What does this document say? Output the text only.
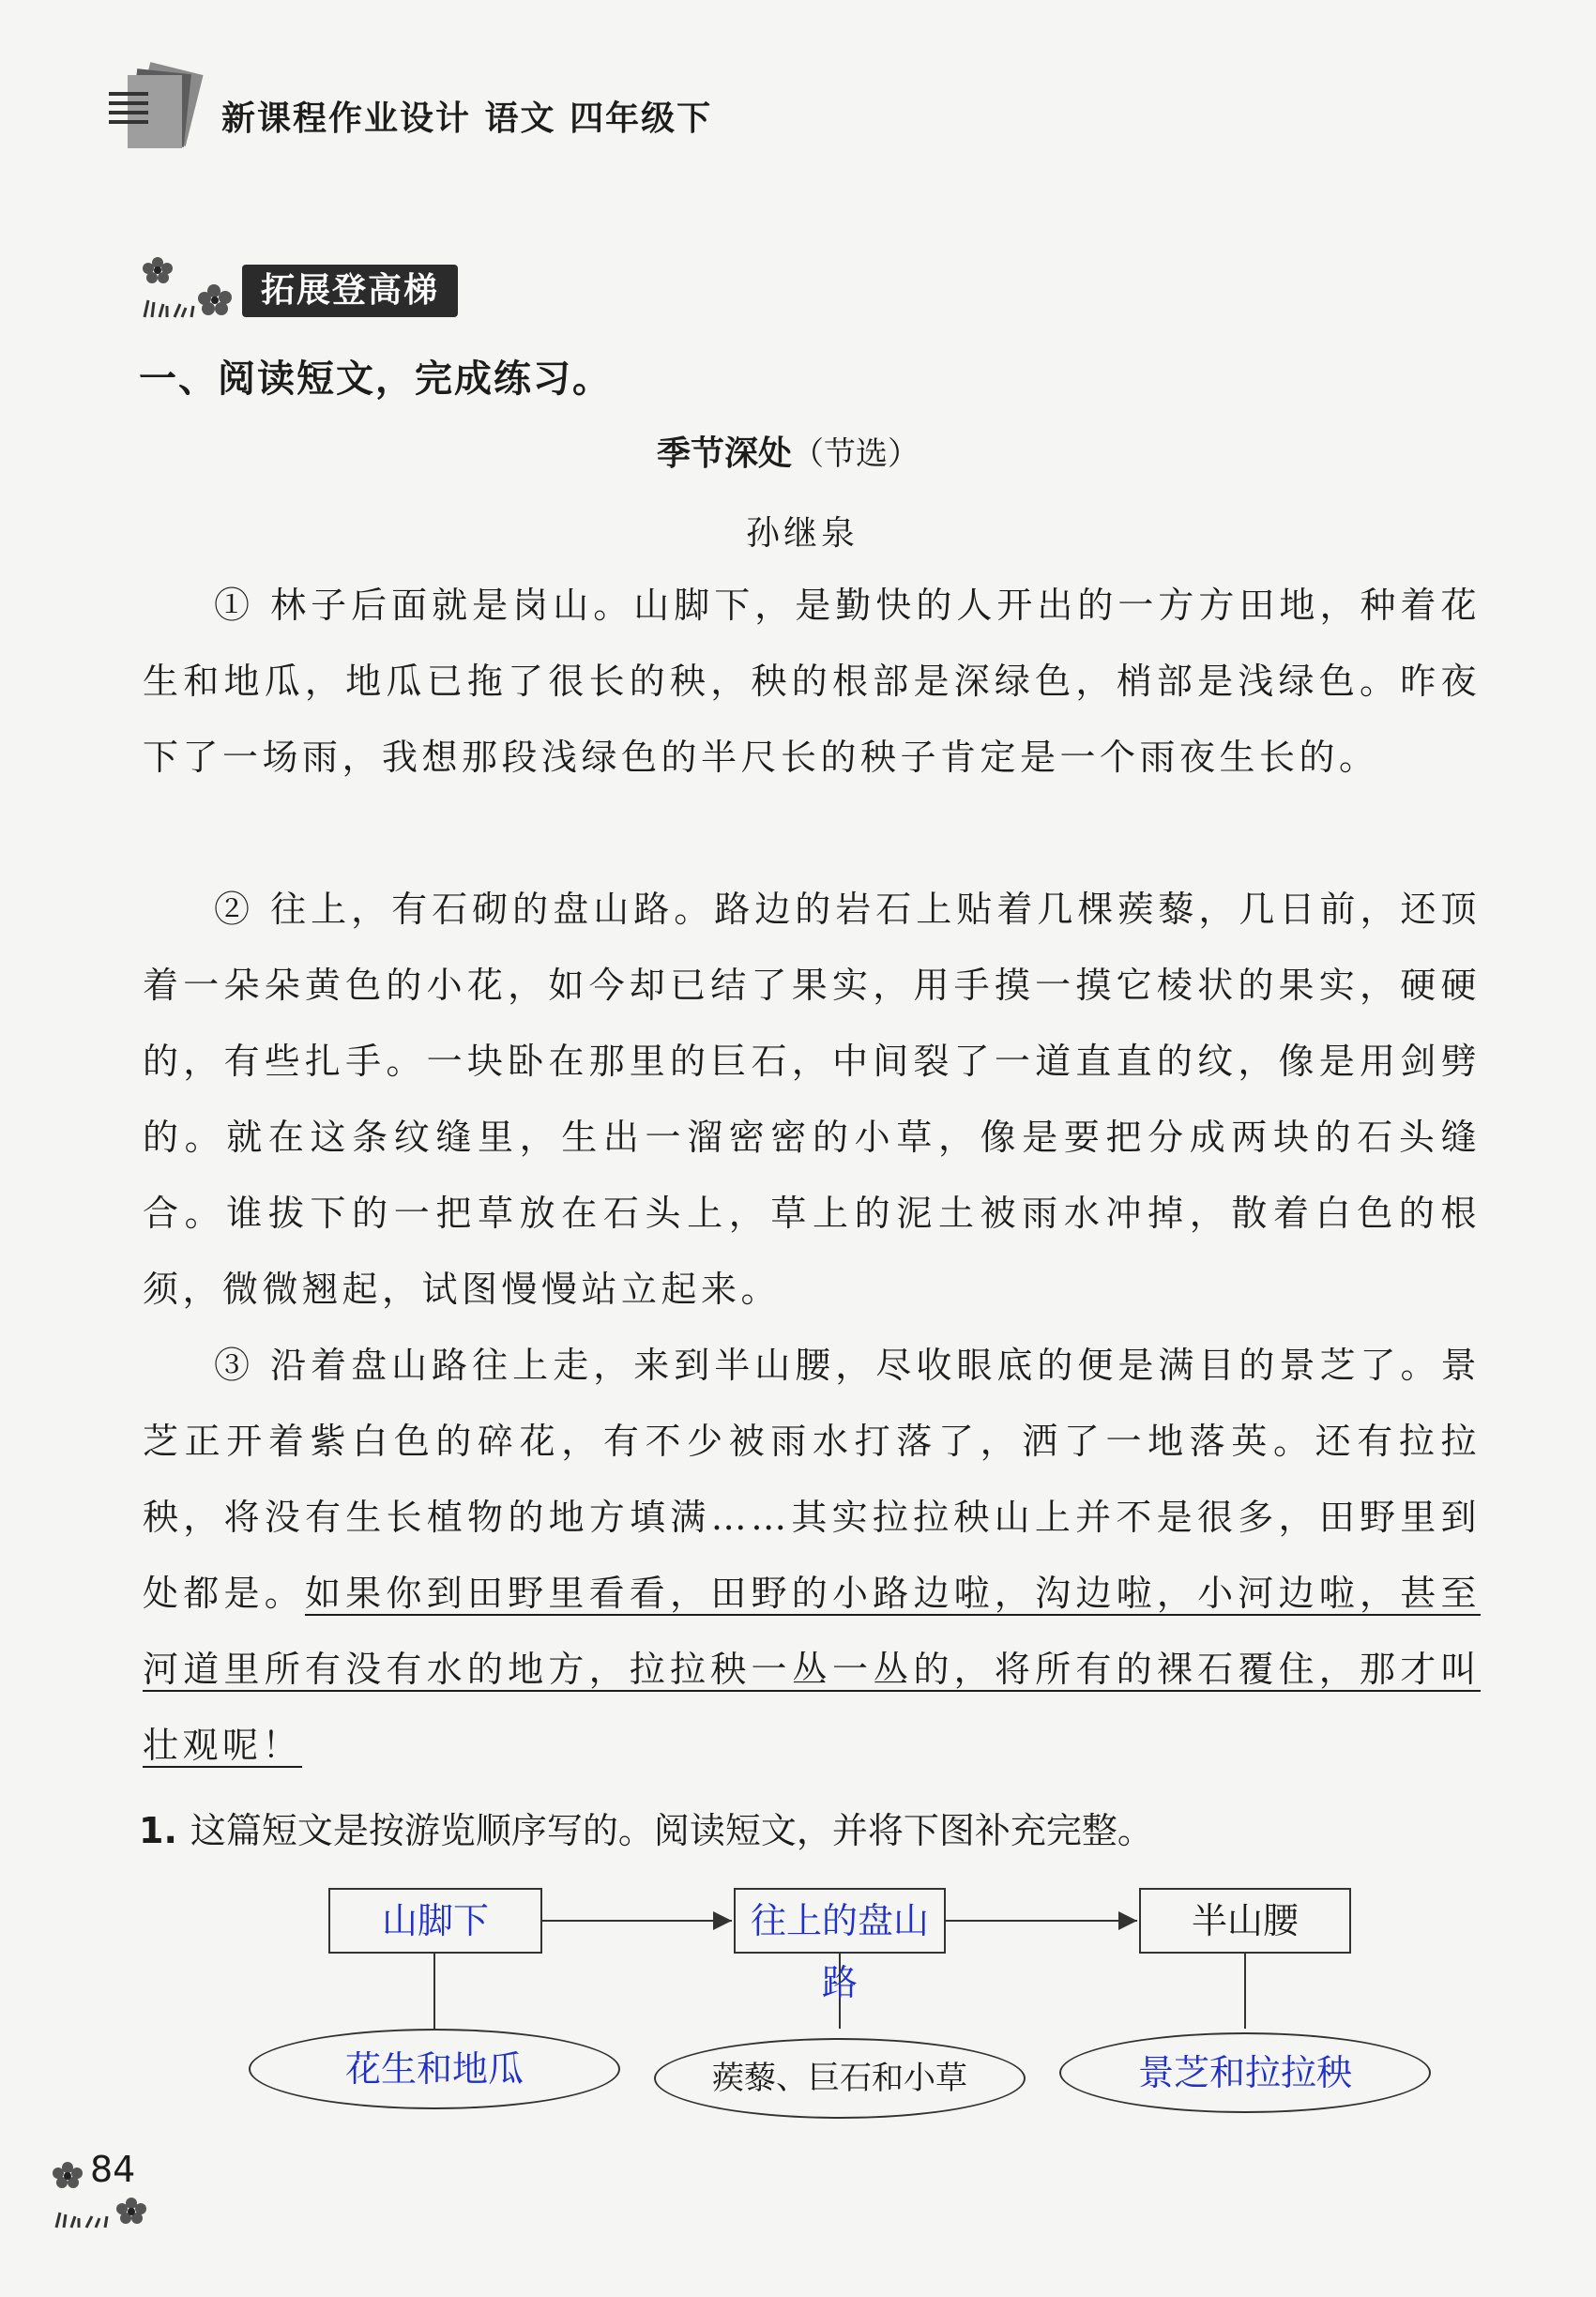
新课程作业设计 语文 四年级下
拓展登高梯
一、阅读短文，完成练习。
季节深处（节选）
孙继泉

① 林子后面就是岗山。山脚下，是勤快的人开出的一方方田地，种着花生和地瓜，地瓜已拖了很长的秧，秧的根部是深绿色，梢部是浅绿色。昨夜下了一场雨，我想那段浅绿色的半尺长的秧子肯定是一个雨夜生长的。

② 往上，有石砌的盘山路。路边的岩石上贴着几棵蒺藜，几日前，还顶着一朵朵黄色的小花，如今却已结了果实，用手摸一摸它棱状的果实，硬硬的，有些扎手。一块卧在那里的巨石，中间裂了一道直直的纹，像是用剑劈的。就在这条纹缝里，生出一溜密密的小草，像是要把分成两块的石头缝合。谁拔下的一把草放在石头上，草上的泥土被雨水冲掉，散着白色的根须，微微翘起，试图慢慢站立起来。

③ 沿着盘山路往上走，来到半山腰，尽收眼底的便是满目的景芝了。景芝正开着紫白色的碎花，有不少被雨水打落了，洒了一地落英。还有拉拉秧，将没有生长植物的地方填满……其实拉拉秧山上并不是很多，田野里到处都是。如果你到田野里看看，田野的小路边啦，沟边啦，小河边啦，甚至河道里所有没有水的地方，拉拉秧一丛一丛的，将所有的裸石覆住，那才叫壮观呢！

1. 这篇短文是按游览顺序写的。阅读短文，并将下图补充完整。
山脚下	往上的盘山路
半山腰
花生和地瓜	蒺藜、巨石和小草	景芝和拉拉秧
84
